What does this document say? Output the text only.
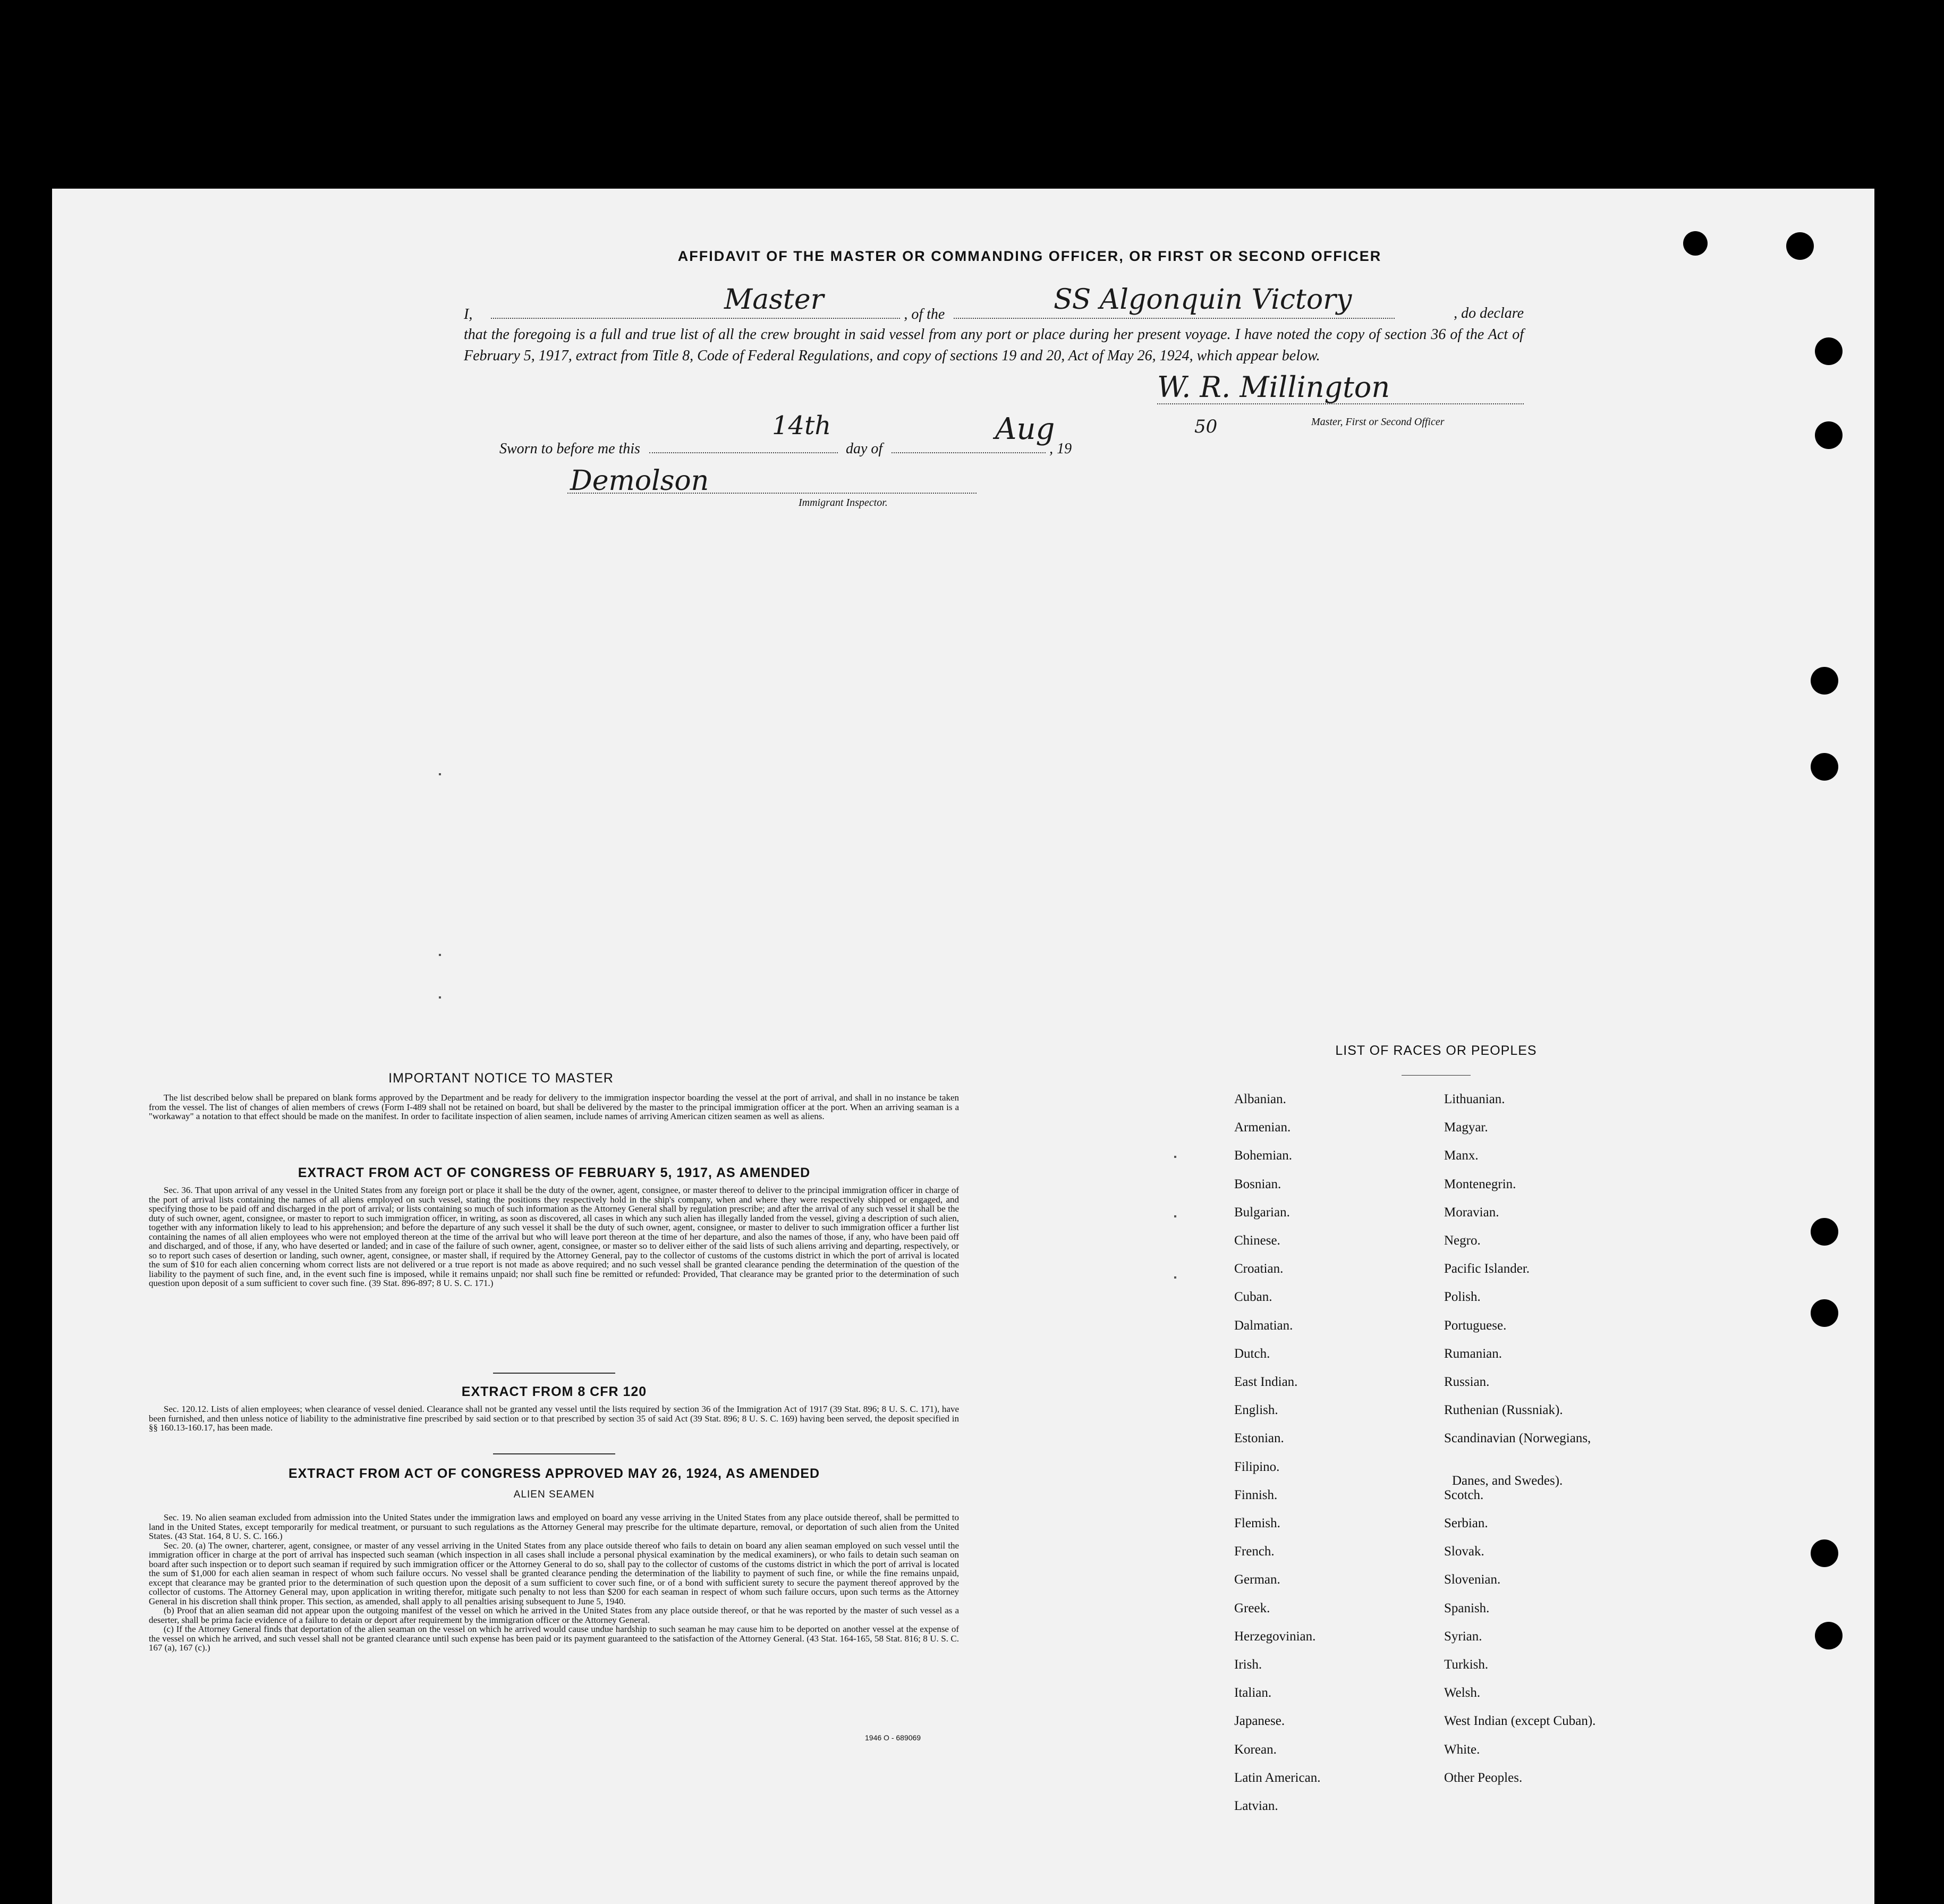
AFFIDAVIT OF THE MASTER OR COMMANDING OFFICER, OR FIRST OR SECOND OFFICER
I,	, of the	, do declare
Master	SS Algonquin Victory
that the foregoing is a full and true list of all the crew brought in said vessel from any port or place during her present voyage. I have noted the copy of section 36 of the Act of February 5, 1917, extract from Title 8, Code of Federal Regulations, and copy of sections 19 and 20, Act of May 26, 1924, which appear below.
W. R. Millington
Master, First or Second Officer
Sworn to before me this	day of	, 19
14th	Aug	50
Demolson
Immigrant Inspector.
IMPORTANT NOTICE TO MASTER

The list described below shall be prepared on blank forms approved by the Department and be ready for delivery to the immigration inspector boarding the vessel at the port of arrival, and shall in no instance be taken from the vessel. The list of changes of alien members of crews (Form I-489 shall not be retained on board, but shall be delivered by the master to the principal immigration officer at the port. When an arriving seaman is a "workaway" a notation to that effect should be made on the manifest. In order to facilitate inspection of alien seamen, include names of arriving American citizen seamen as well as aliens.

EXTRACT FROM ACT OF CONGRESS OF FEBRUARY 5, 1917, AS AMENDED

Sec. 36. That upon arrival of any vessel in the United States from any foreign port or place it shall be the duty of the owner, agent, consignee, or master thereof to deliver to the principal immigration officer in charge of the port of arrival lists containing the names of all aliens employed on such vessel, stating the positions they respectively hold in the ship's company, when and where they were respectively shipped or engaged, and specifying those to be paid off and discharged in the port of arrival; or lists containing so much of such information as the Attorney General shall by regulation prescribe; and after the arrival of any such vessel it shall be the duty of such owner, agent, consignee, or master to report to such immigration officer, in writing, as soon as discovered, all cases in which any such alien has illegally landed from the vessel, giving a description of such alien, together with any information likely to lead to his apprehension; and before the departure of any such vessel it shall be the duty of such owner, agent, consignee, or master to deliver to such immigration officer a further list containing the names of all alien employees who were not employed thereon at the time of the arrival but who will leave port thereon at the time of her departure, and also the names of those, if any, who have been paid off and discharged, and of those, if any, who have deserted or landed; and in case of the failure of such owner, agent, consignee, or master so to deliver either of the said lists of such aliens arriving and departing, respectively, or so to report such cases of desertion or landing, such owner, agent, consignee, or master shall, if required by the Attorney General, pay to the collector of customs of the customs district in which the port of arrival is located the sum of $10 for each alien concerning whom correct lists are not delivered or a true report is not made as above required; and no such vessel shall be granted clearance pending the determination of the question of the liability to the payment of such fine, and, in the event such fine is imposed, while it remains unpaid; nor shall such fine be remitted or refunded: Provided, That clearance may be granted prior to the determination of such question upon deposit of a sum sufficient to cover such fine. (39 Stat. 896-897; 8 U. S. C. 171.)

EXTRACT FROM 8 CFR 120

Sec. 120.12. Lists of alien employees; when clearance of vessel denied. Clearance shall not be granted any vessel until the lists required by section 36 of the Immigration Act of 1917 (39 Stat. 896; 8 U. S. C. 171), have been furnished, and then unless notice of liability to the administrative fine prescribed by said section or to that prescribed by section 35 of said Act (39 Stat. 896; 8 U. S. C. 169) having been served, the deposit specified in §§ 160.13-160.17, has been made.

EXTRACT FROM ACT OF CONGRESS APPROVED MAY 26, 1924, AS AMENDED
ALIEN SEAMEN

Sec. 19. No alien seaman excluded from admission into the United States under the immigration laws and employed on board any vesse arriving in the United States from any place outside thereof, shall be permitted to land in the United States, except temporarily for medical treatment, or pursuant to such regulations as the Attorney General may prescribe for the ultimate departure, removal, or deportation of such alien from the United States. (43 Stat. 164, 8 U. S. C. 166.)

Sec. 20. (a) The owner, charterer, agent, consignee, or master of any vessel arriving in the United States from any place outside thereof who fails to detain on board any alien seaman employed on such vessel until the immigration officer in charge at the port of arrival has inspected such seaman (which inspection in all cases shall include a personal physical examination by the medical examiners), or who fails to detain such seaman on board after such inspection or to deport such seaman if required by such immigration officer or the Attorney General to do so, shall pay to the collector of customs of the customs district in which the port of arrival is located the sum of $1,000 for each alien seaman in respect of whom such failure occurs. No vessel shall be granted clearance pending the determination of the liability to payment of such fine, or while the fine remains unpaid, except that clearance may be granted prior to the determination of such question upon the deposit of a sum sufficient to cover such fine, or of a bond with sufficient surety to secure the payment thereof approved by the collector of customs. The Attorney General may, upon application in writing therefor, mitigate such penalty to not less than $200 for each seaman in respect of whom such failure occurs, upon such terms as the Attorney General in his discretion shall think proper. This section, as amended, shall apply to all penalties arising subsequent to June 5, 1940.

(b) Proof that an alien seaman did not appear upon the outgoing manifest of the vessel on which he arrived in the United States from any place outside thereof, or that he was reported by the master of such vessel as a deserter, shall be prima facie evidence of a failure to detain or deport after requirement by the immigration officer or the Attorney General.

(c) If the Attorney General finds that deportation of the alien seaman on the vessel on which he arrived would cause undue hardship to such seaman he may cause him to be deported on another vessel at the expense of the vessel on which he arrived, and such vessel shall not be granted clearance until such expense has been paid or its payment guaranteed to the satisfaction of the Attorney General. (43 Stat. 164-165, 58 Stat. 816; 8 U. S. C. 167 (a), 167 (c).)

1946 O - 689069
LIST OF RACES OR PEOPLES
Albanian.
Armenian.
Bohemian.
Bosnian.
Bulgarian.
Chinese.
Croatian.
Cuban.
Dalmatian.
Dutch.
East Indian.
English.
Estonian.
Filipino.
Finnish.
Flemish.
French.
German.
Greek.
Herzegovinian.
Irish.
Italian.
Japanese.
Korean.
Latin American.
Latvian.
Lithuanian.
Magyar.
Manx.
Montenegrin.
Moravian.
Negro.
Pacific Islander.
Polish.
Portuguese.
Rumanian.
Russian.
Ruthenian (Russniak).
Scandinavian (Norwegians,
Danes, and Swedes).
Scotch.
Serbian.
Slovak.
Slovenian.
Spanish.
Syrian.
Turkish.
Welsh.
West Indian (except Cuban).
White.
Other Peoples.
